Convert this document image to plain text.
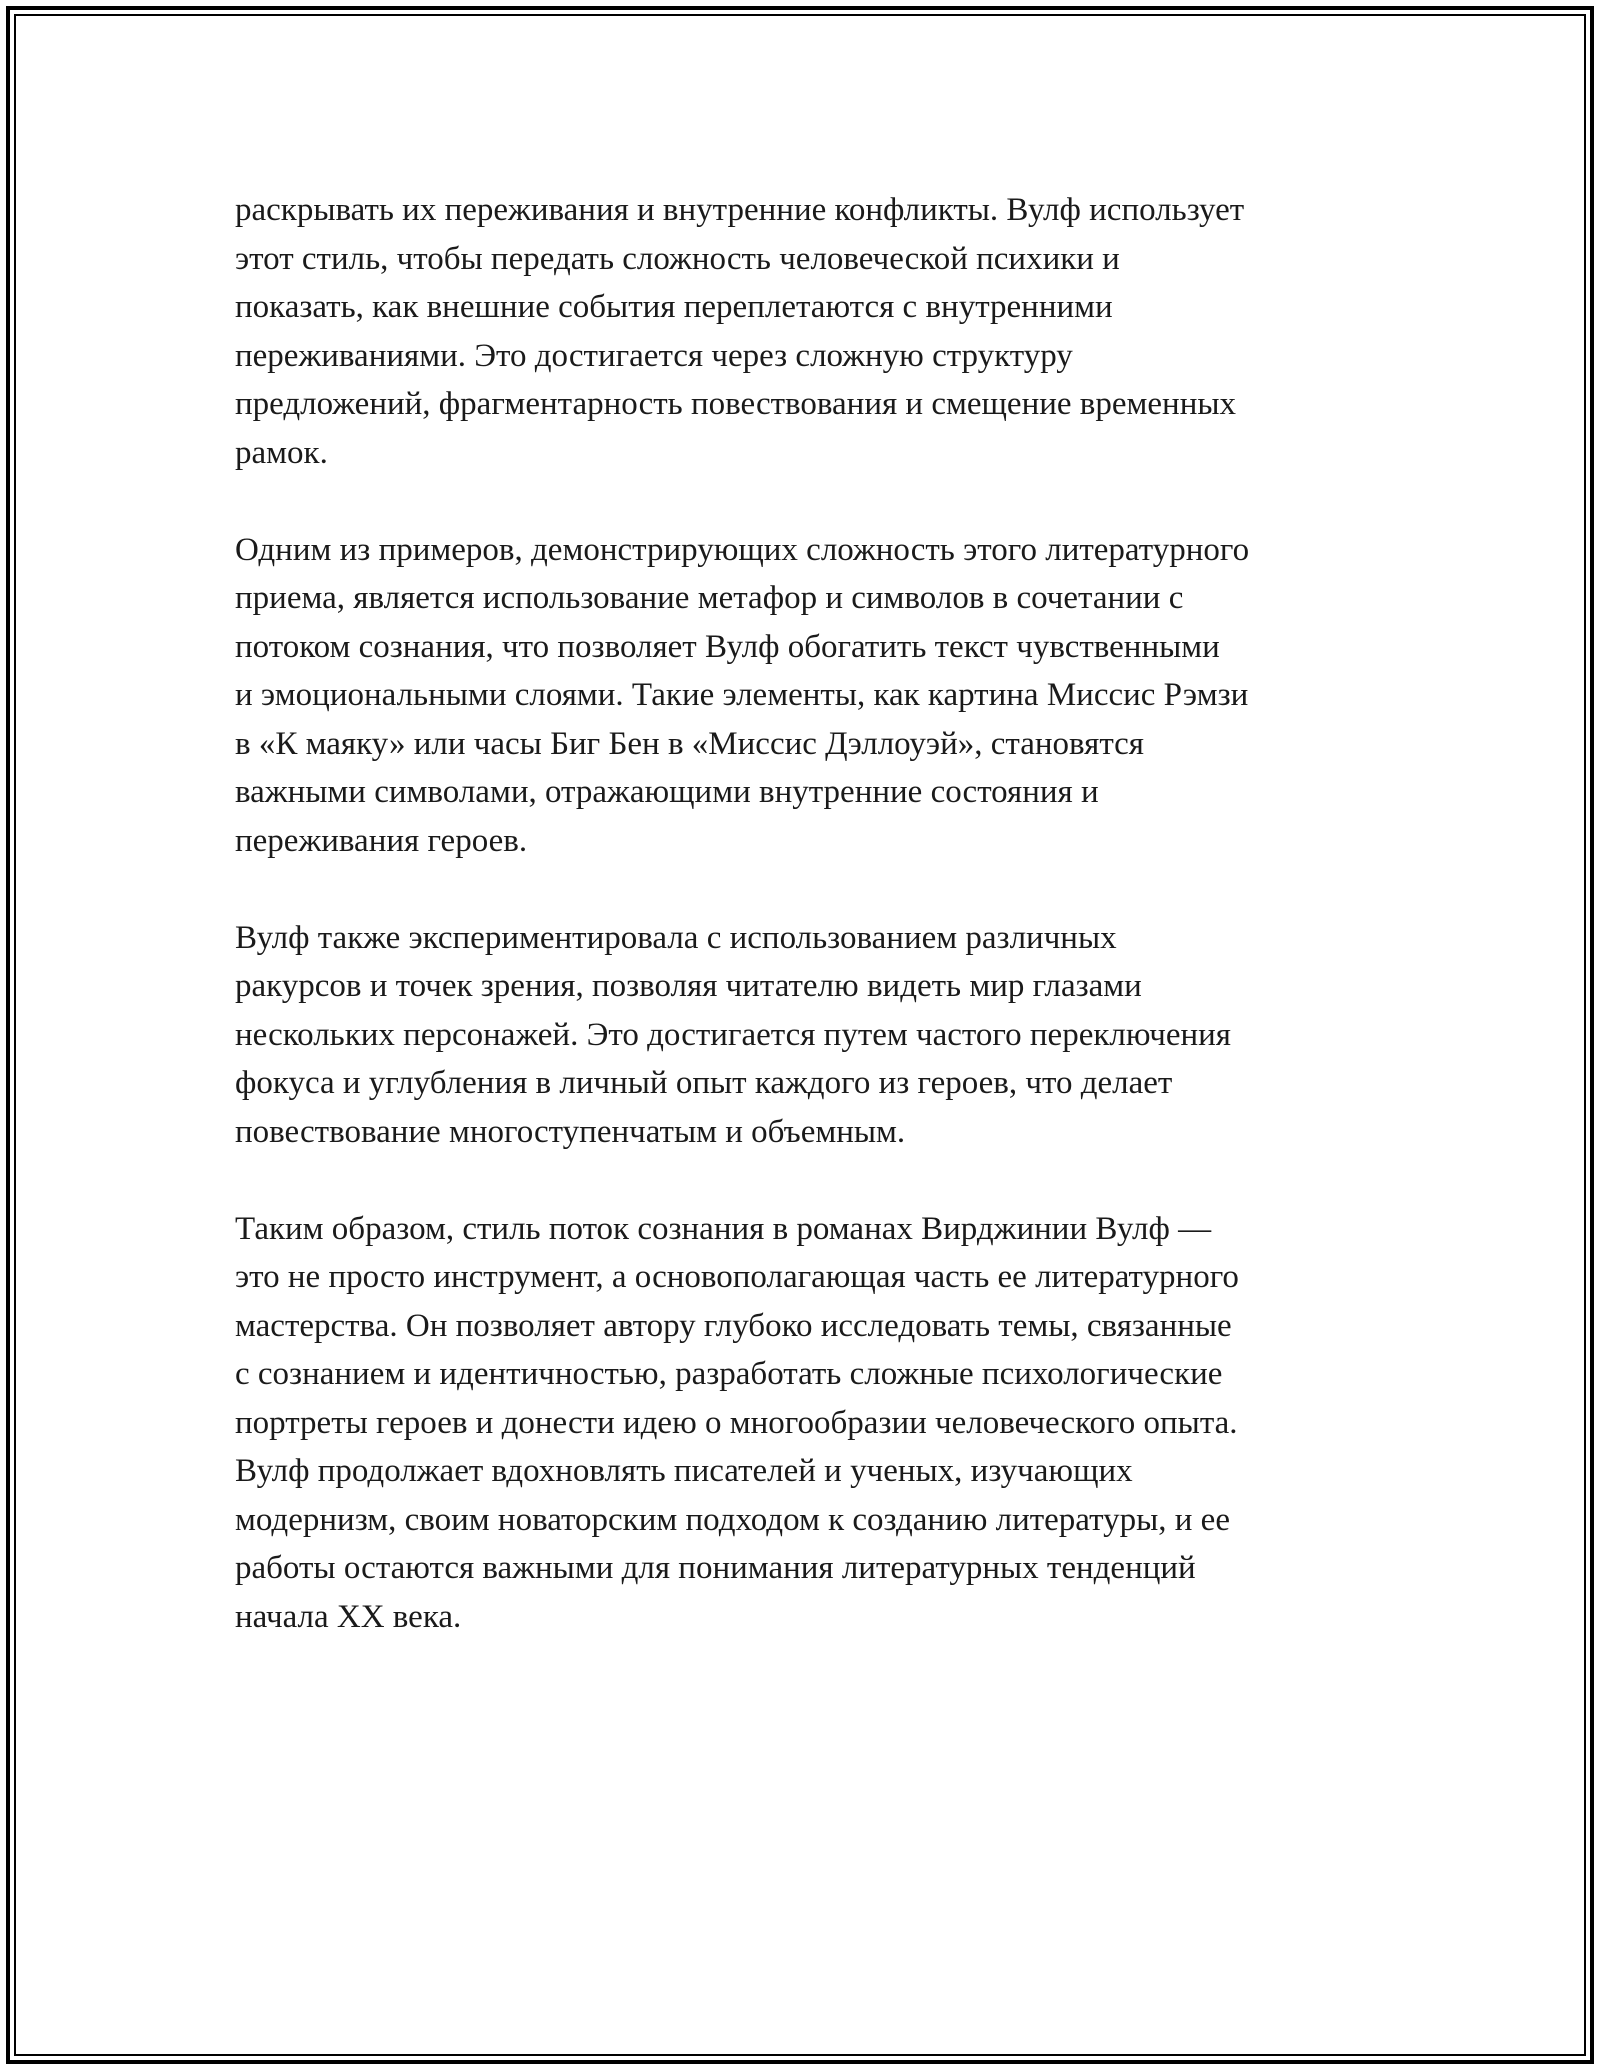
раскрывать их переживания и внутренние конфликты. Вулф использует
этот стиль, чтобы передать сложность человеческой психики и
показать, как внешние события переплетаются с внутренними
переживаниями. Это достигается через сложную структуру
предложений, фрагментарность повествования и смещение временных
рамок.

Одним из примеров, демонстрирующих сложность этого литературного
приема, является использование метафор и символов в сочетании с
потоком сознания, что позволяет Вулф обогатить текст чувственными
и эмоциональными слоями. Такие элементы, как картина Миссис Рэмзи
в «К маяку» или часы Биг Бен в «Миссис Дэллоуэй», становятся
важными символами, отражающими внутренние состояния и
переживания героев.

Вулф также экспериментировала с использованием различных
ракурсов и точек зрения, позволяя читателю видеть мир глазами
нескольких персонажей. Это достигается путем частого переключения
фокуса и углубления в личный опыт каждого из героев, что делает
повествование многоступенчатым и объемным.

Таким образом, стиль поток сознания в романах Вирджинии Вулф —
это не просто инструмент, а основополагающая часть ее литературного
мастерства. Он позволяет автору глубоко исследовать темы, связанные
с сознанием и идентичностью, разработать сложные психологические
портреты героев и донести идею о многообразии человеческого опыта.
Вулф продолжает вдохновлять писателей и ученых, изучающих
модернизм, своим новаторским подходом к созданию литературы, и ее
работы остаются важными для понимания литературных тенденций
начала XX века.
